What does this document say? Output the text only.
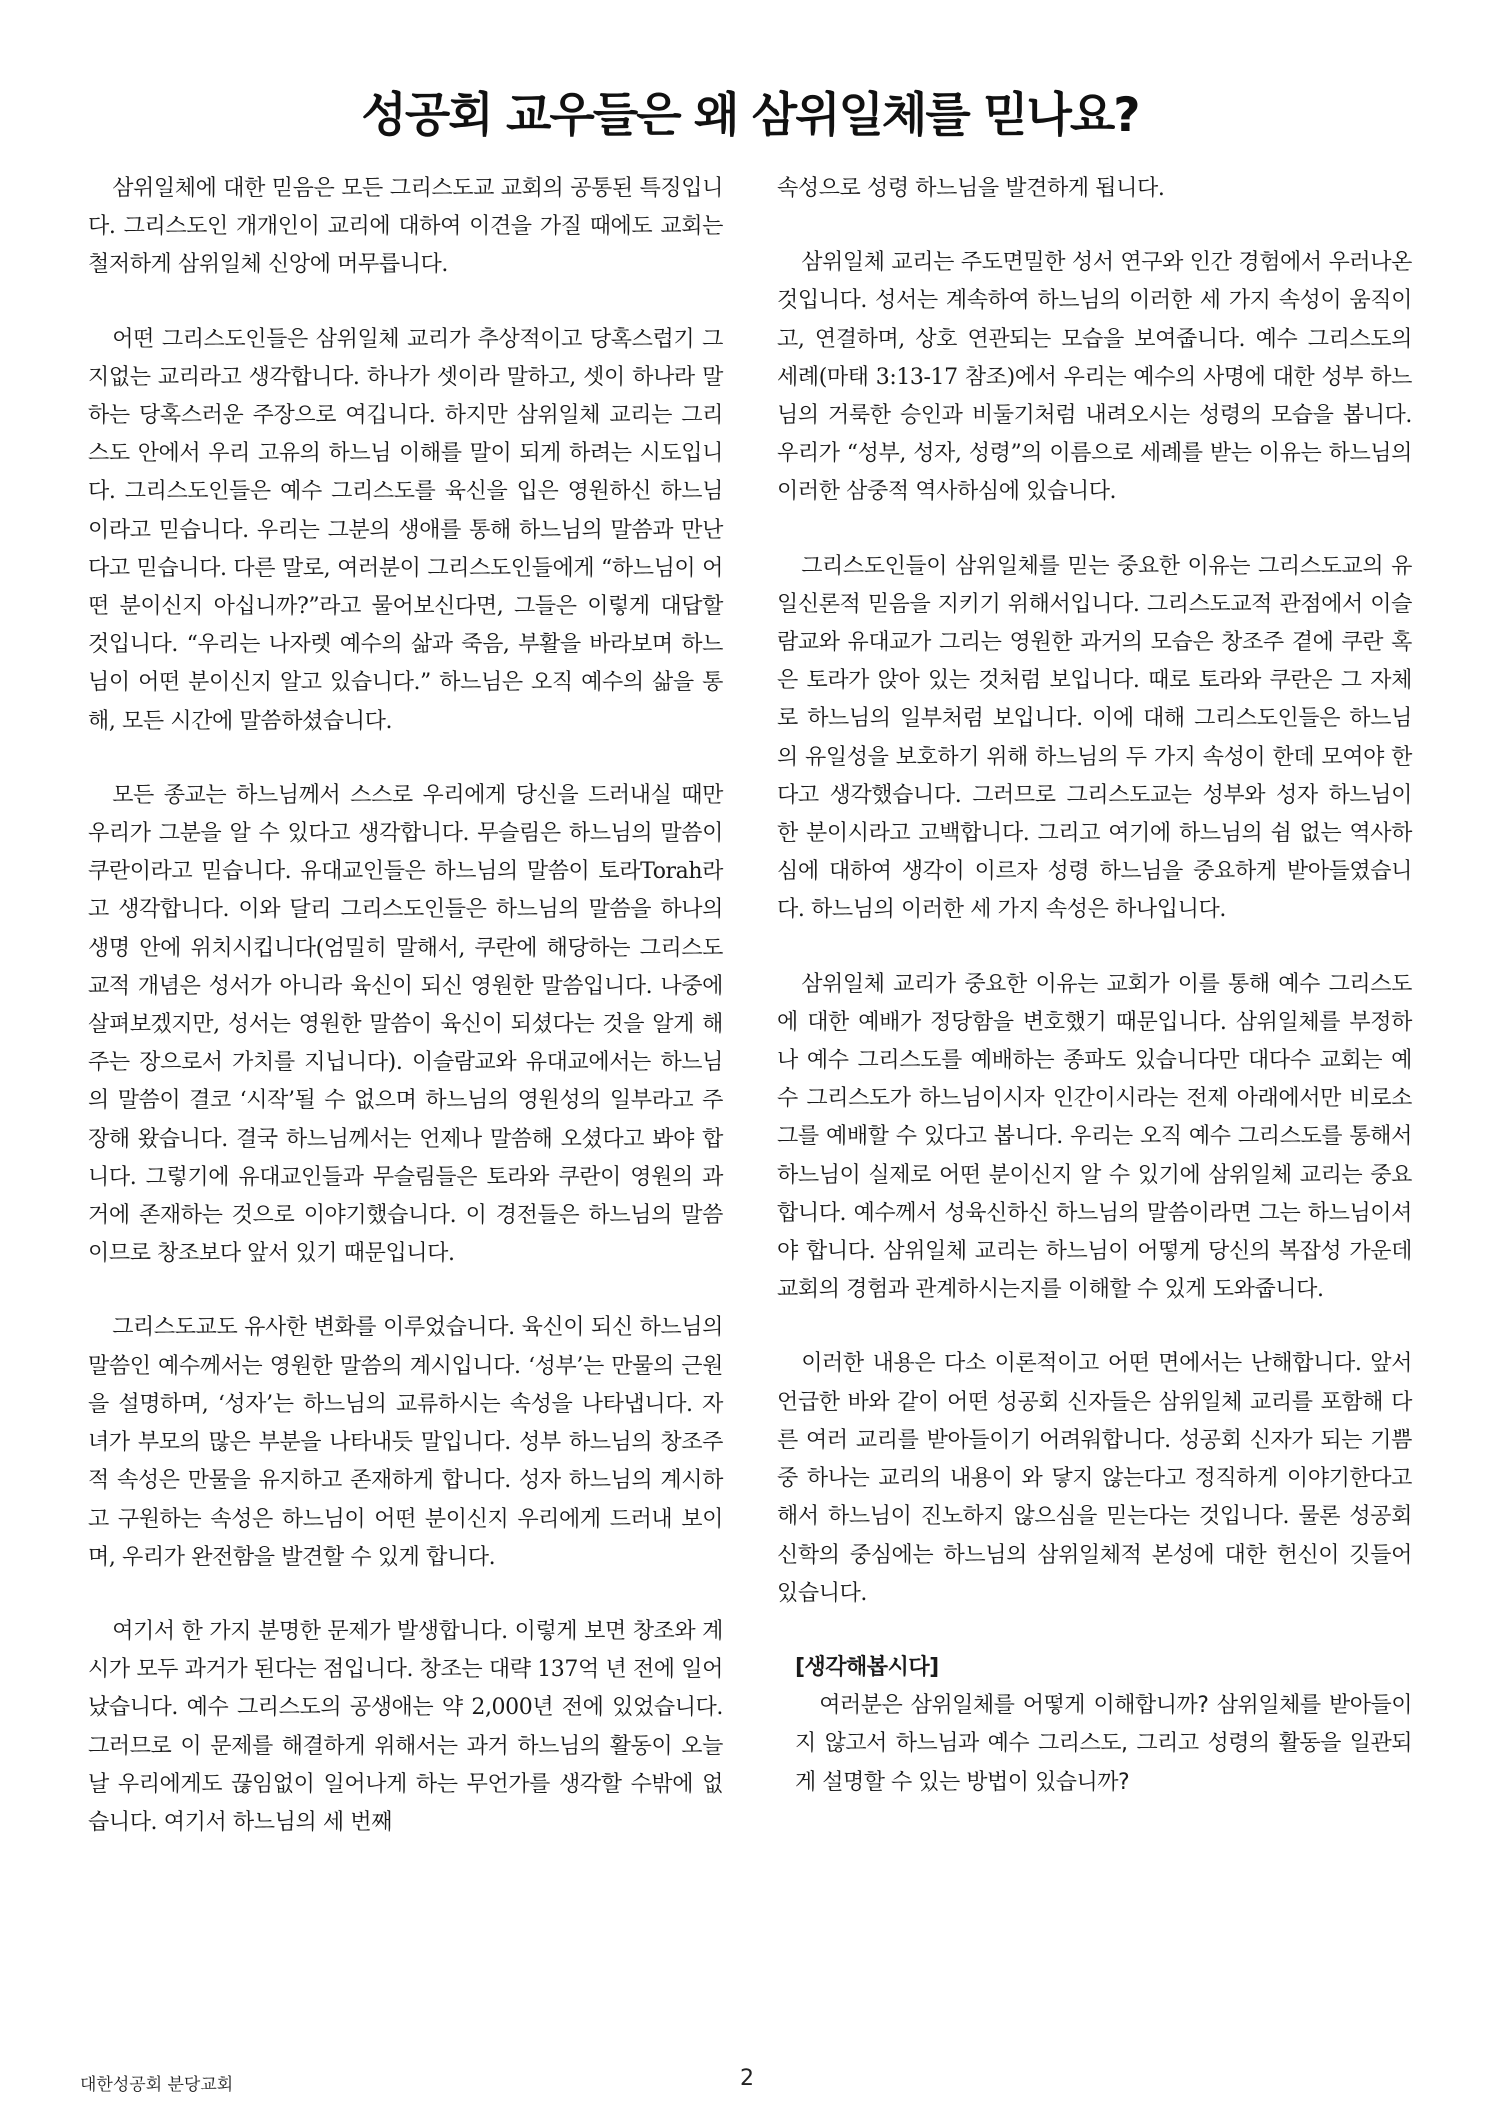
성공회 교우들은 왜 삼위일체를 믿나요?

삼위일체에 대한 믿음은 모든 그리스도교 교회의 공통된 특징입니다. 그리스도인 개개인이 교리에 대하여 이견을 가질 때에도 교회는 철저하게 삼위일체 신앙에 머무릅니다.

어떤 그리스도인들은 삼위일체 교리가 추상적이고 당혹스럽기 그지없는 교리라고 생각합니다. 하나가 셋이라 말하고, 셋이 하나라 말하는 당혹스러운 주장으로 여깁니다. 하지만 삼위일체 교리는 그리스도 안에서 우리 고유의 하느님 이해를 말이 되게 하려는 시도입니다. 그리스도인들은 예수 그리스도를 육신을 입은 영원하신 하느님이라고 믿습니다. 우리는 그분의 생애를 통해 하느님의 말씀과 만난다고 믿습니다. 다른 말로, 여러분이 그리스도인들에게 “하느님이 어떤 분이신지 아십니까?”라고 물어보신다면, 그들은 이렇게 대답할 것입니다. “우리는 나자렛 예수의 삶과 죽음, 부활을 바라보며 하느님이 어떤 분이신지 알고 있습니다.” 하느님은 오직 예수의 삶을 통해, 모든 시간에 말씀하셨습니다.

모든 종교는 하느님께서 스스로 우리에게 당신을 드러내실 때만 우리가 그분을 알 수 있다고 생각합니다. 무슬림은 하느님의 말씀이 쿠란이라고 믿습니다. 유대교인들은 하느님의 말씀이 토라Torah라고 생각합니다. 이와 달리 그리스도인들은 하느님의 말씀을 하나의 생명 안에 위치시킵니다(엄밀히 말해서, 쿠란에 해당하는 그리스도교적 개념은 성서가 아니라 육신이 되신 영원한 말씀입니다. 나중에 살펴보겠지만, 성서는 영원한 말씀이 육신이 되셨다는 것을 알게 해주는 장으로서 가치를 지닙니다). 이슬람교와 유대교에서는 하느님의 말씀이 결코 ‘시작’될 수 없으며 하느님의 영원성의 일부라고 주장해 왔습니다. 결국 하느님께서는 언제나 말씀해 오셨다고 봐야 합니다. 그렇기에 유대교인들과 무슬림들은 토라와 쿠란이 영원의 과거에 존재하는 것으로 이야기했습니다. 이 경전들은 하느님의 말씀이므로 창조보다 앞서 있기 때문입니다.

그리스도교도 유사한 변화를 이루었습니다. 육신이 되신 하느님의 말씀인 예수께서는 영원한 말씀의 계시입니다. ‘성부’는 만물의 근원을 설명하며, ‘성자’는 하느님의 교류하시는 속성을 나타냅니다. 자녀가 부모의 많은 부분을 나타내듯 말입니다. 성부 하느님의 창조주적 속성은 만물을 유지하고 존재하게 합니다. 성자 하느님의 계시하고 구원하는 속성은 하느님이 어떤 분이신지 우리에게 드러내 보이며, 우리가 완전함을 발견할 수 있게 합니다.

여기서 한 가지 분명한 문제가 발생합니다. 이렇게 보면 창조와 계시가 모두 과거가 된다는 점입니다. 창조는 대략 137억 년 전에 일어났습니다. 예수 그리스도의 공생애는 약 2,000년 전에 있었습니다. 그러므로 이 문제를 해결하게 위해서는 과거 하느님의 활동이 오늘날 우리에게도 끊임없이 일어나게 하는 무언가를 생각할 수밖에 없습니다. 여기서 하느님의 세 번째

속성으로 성령 하느님을 발견하게 됩니다.

삼위일체 교리는 주도면밀한 성서 연구와 인간 경험에서 우러나온 것입니다. 성서는 계속하여 하느님의 이러한 세 가지 속성이 움직이고, 연결하며, 상호 연관되는 모습을 보여줍니다. 예수 그리스도의 세례(마태 3:13-17 참조)에서 우리는 예수의 사명에 대한 성부 하느님의 거룩한 승인과 비둘기처럼 내려오시는 성령의 모습을 봅니다. 우리가 “성부, 성자, 성령”의 이름으로 세례를 받는 이유는 하느님의 이러한 삼중적 역사하심에 있습니다.

그리스도인들이 삼위일체를 믿는 중요한 이유는 그리스도교의 유일신론적 믿음을 지키기 위해서입니다. 그리스도교적 관점에서 이슬람교와 유대교가 그리는 영원한 과거의 모습은 창조주 곁에 쿠란 혹은 토라가 앉아 있는 것처럼 보입니다. 때로 토라와 쿠란은 그 자체로 하느님의 일부처럼 보입니다. 이에 대해 그리스도인들은 하느님의 유일성을 보호하기 위해 하느님의 두 가지 속성이 한데 모여야 한다고 생각했습니다. 그러므로 그리스도교는 성부와 성자 하느님이 한 분이시라고 고백합니다. 그리고 여기에 하느님의 쉼 없는 역사하심에 대하여 생각이 이르자 성령 하느님을 중요하게 받아들였습니다. 하느님의 이러한 세 가지 속성은 하나입니다.

삼위일체 교리가 중요한 이유는 교회가 이를 통해 예수 그리스도에 대한 예배가 정당함을 변호했기 때문입니다. 삼위일체를 부정하나 예수 그리스도를 예배하는 종파도 있습니다만 대다수 교회는 예수 그리스도가 하느님이시자 인간이시라는 전제 아래에서만 비로소 그를 예배할 수 있다고 봅니다. 우리는 오직 예수 그리스도를 통해서 하느님이 실제로 어떤 분이신지 알 수 있기에 삼위일체 교리는 중요합니다. 예수께서 성육신하신 하느님의 말씀이라면 그는 하느님이셔야 합니다. 삼위일체 교리는 하느님이 어떻게 당신의 복잡성 가운데 교회의 경험과 관계하시는지를 이해할 수 있게 도와줍니다.

이러한 내용은 다소 이론적이고 어떤 면에서는 난해합니다. 앞서 언급한 바와 같이 어떤 성공회 신자들은 삼위일체 교리를 포함해 다른 여러 교리를 받아들이기 어려워합니다. 성공회 신자가 되는 기쁨 중 하나는 교리의 내용이 와 닿지 않는다고 정직하게 이야기한다고 해서 하느님이 진노하지 않으심을 믿는다는 것입니다. 물론 성공회 신학의 중심에는 하느님의 삼위일체적 본성에 대한 헌신이 깃들어 있습니다.

[생각해봅시다]

여러분은 삼위일체를 어떻게 이해합니까? 삼위일체를 받아들이지 않고서 하느님과 예수 그리스도, 그리고 성령의 활동을 일관되게 설명할 수 있는 방법이 있습니까?

대한성공회 분당교회	2
